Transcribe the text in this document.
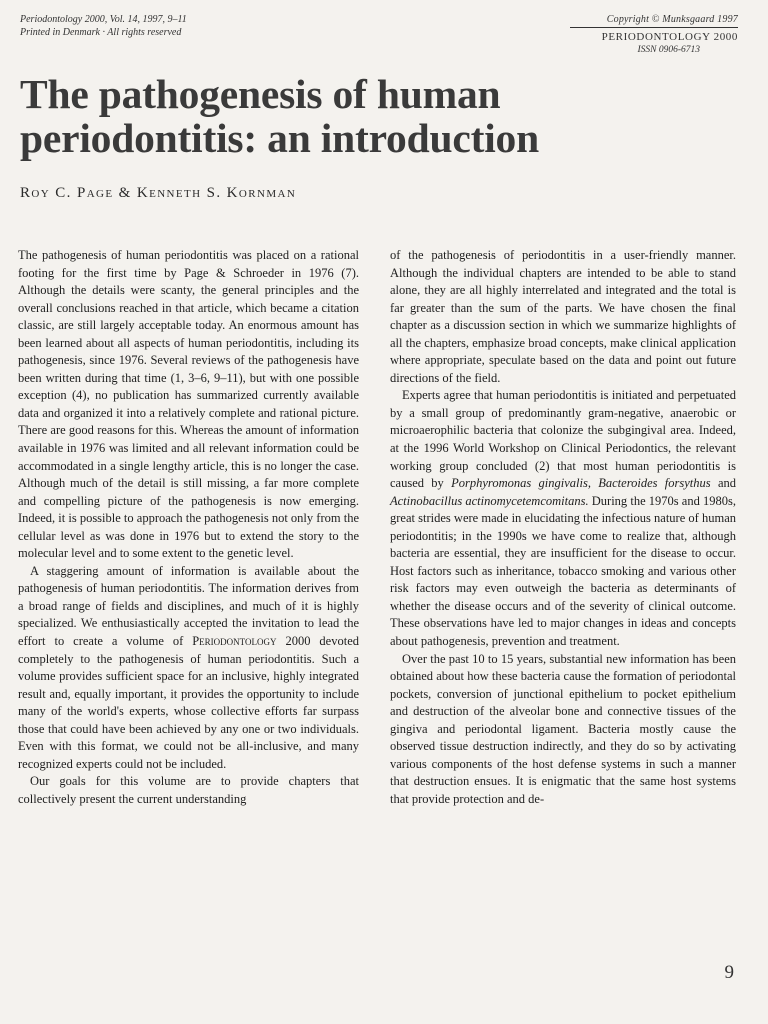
Periodontology 2000, Vol. 14, 1997, 9–11
Printed in Denmark · All rights reserved
Copyright © Munksgaard 1997
PERIODONTOLOGY 2000
ISSN 0906-6713
The pathogenesis of human
periodontitis: an introduction
Roy C. Page & Kenneth S. Kornman

The pathogenesis of human periodontitis was placed on a rational footing for the first time by Page & Schroeder in 1976 (7). Although the details were scanty, the general principles and the overall conclusions reached in that article, which became a citation classic, are still largely acceptable today. An enormous amount has been learned about all aspects of human periodontitis, including its pathogenesis, since 1976. Several reviews of the pathogenesis have been written during that time (1, 3–6, 9–11), but with one possible exception (4), no publication has summarized currently available data and organized it into a relatively complete and rational picture. There are good reasons for this. Whereas the amount of information available in 1976 was limited and all relevant information could be accommodated in a single lengthy article, this is no longer the case. Although much of the detail is still missing, a far more complete and compelling picture of the pathogenesis is now emerging. Indeed, it is possible to approach the pathogenesis not only from the cellular level as was done in 1976 but to extend the story to the molecular level and to some extent to the genetic level.

A staggering amount of information is available about the pathogenesis of human periodontitis. The information derives from a broad range of fields and disciplines, and much of it is highly specialized. We enthusiastically accepted the invitation to lead the effort to create a volume of Periodontology 2000 devoted completely to the pathogenesis of human periodontitis. Such a volume provides sufficient space for an inclusive, highly integrated result and, equally important, it provides the opportunity to include many of the world's experts, whose collective efforts far surpass those that could have been achieved by any one or two individuals. Even with this format, we could not be all-inclusive, and many recognized experts could not be included.

Our goals for this volume are to provide chapters that collectively present the current understanding

of the pathogenesis of periodontitis in a user-friendly manner. Although the individual chapters are intended to be able to stand alone, they are all highly interrelated and integrated and the total is far greater than the sum of the parts. We have chosen the final chapter as a discussion section in which we summarize highlights of all the chapters, emphasize broad concepts, make clinical application where appropriate, speculate based on the data and point out future directions of the field.

Experts agree that human periodontitis is initiated and perpetuated by a small group of predominantly gram-negative, anaerobic or microaerophilic bacteria that colonize the subgingival area. Indeed, at the 1996 World Workshop on Clinical Periodontics, the relevant working group concluded (2) that most human periodontitis is caused by Porphyromonas gingivalis, Bacteroides forsythus and Actinobacillus actinomycetemcomitans. During the 1970s and 1980s, great strides were made in elucidating the infectious nature of human periodontitis; in the 1990s we have come to realize that, although bacteria are essential, they are insufficient for the disease to occur. Host factors such as inheritance, tobacco smoking and various other risk factors may even outweigh the bacteria as determinants of whether the disease occurs and of the severity of clinical outcome. These observations have led to major changes in ideas and concepts about pathogenesis, prevention and treatment.

Over the past 10 to 15 years, substantial new information has been obtained about how these bacteria cause the formation of periodontal pockets, conversion of junctional epithelium to pocket epithelium and destruction of the alveolar bone and connective tissues of the gingiva and periodontal ligament. Bacteria mostly cause the observed tissue destruction indirectly, and they do so by activating various components of the host defense systems in such a manner that destruction ensues. It is enigmatic that the same host systems that provide protection and de-

9
